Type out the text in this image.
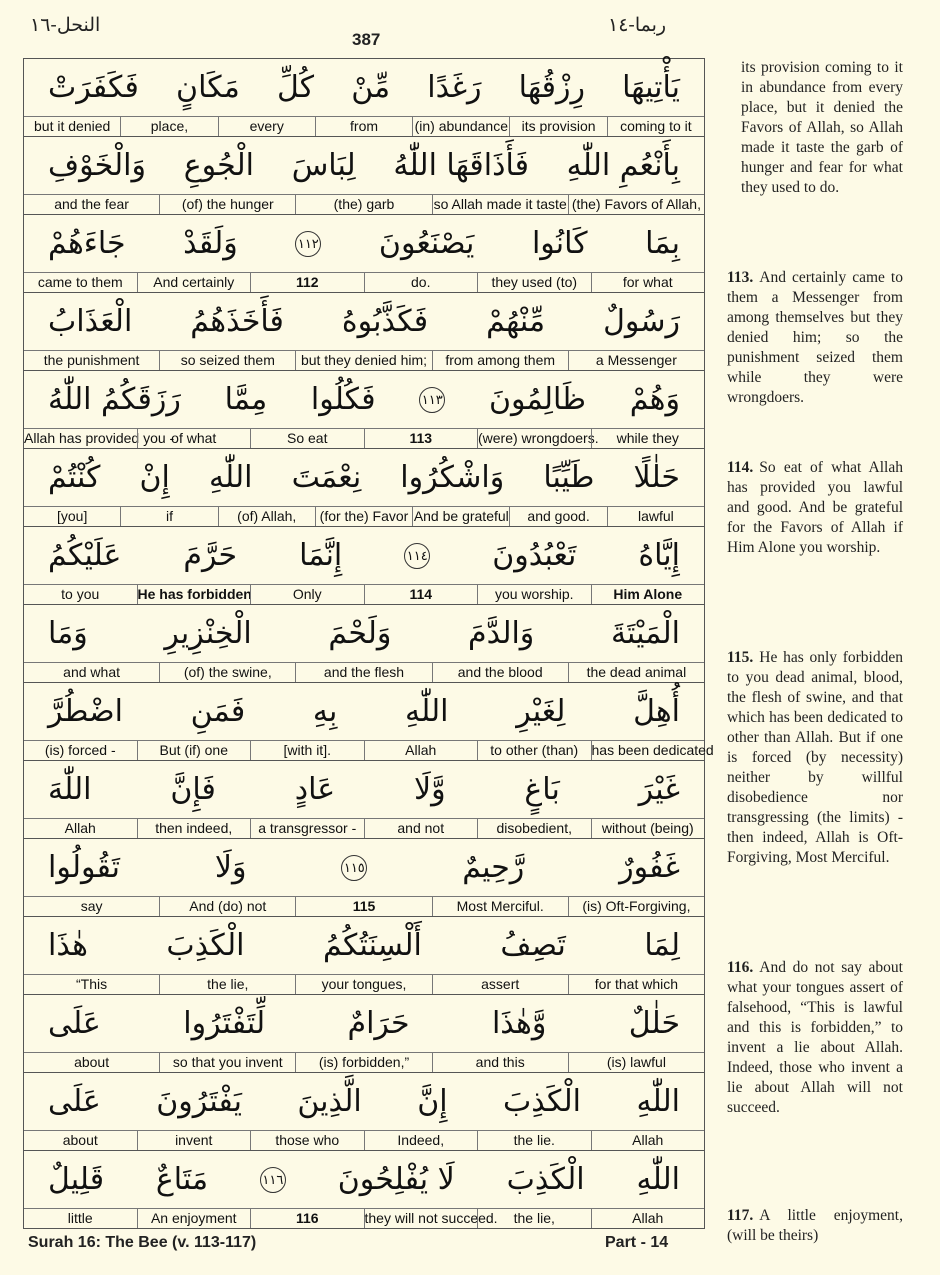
النحل-١٦
387
ربما-١٤
يَأْتِيهَا
رِزْقُهَا
رَغَدًا
مِّنْ
كُلِّ
مَكَانٍ
فَكَفَرَتْ
coming to it
its provision
(in) abundance
from
every
place,
but it denied
بِأَنْعُمِ اللّٰهِ
فَأَذَاقَهَا اللّٰهُ
لِبَاسَ
الْجُوعِ
وَالْخَوْفِ
(the) Favors of Allah,
so Allah made it taste
(the) garb
(of) the hunger
and the fear
بِمَا
كَانُوا
يَصْنَعُونَ
١١٢
وَلَقَدْ
جَاءَهُمْ
for what
they used (to)
do.
112
And certainly
came to them
رَسُولٌ
مِّنْهُمْ
فَكَذَّبُوهُ
فَأَخَذَهُمُ
الْعَذَابُ
a Messenger
from among them
but they denied him;
so seized them
the punishment
وَهُمْ
ظَالِمُونَ
١١٣
فَكُلُوا
مِمَّا
رَزَقَكُمُ اللّٰهُ
while they
(were) wrongdoers.
113
So eat
of what
Allah has provided you -
حَلٰلًا
طَيِّبًا
وَاشْكُرُوا
نِعْمَتَ
اللّٰهِ
إِنْ
كُنْتُمْ
lawful
and good.
And be grateful
(for the) Favor
(of) Allah,
if
[you]
إِيَّاهُ
تَعْبُدُونَ
١١٤
إِنَّمَا
حَرَّمَ
عَلَيْكُمُ
Him Alone
you worship.
114
Only
He has forbidden
to you
الْمَيْتَةَ
وَالدَّمَ
وَلَحْمَ
الْخِنْزِيرِ
وَمَا
the dead animal
and the blood
and the flesh
(of) the swine,
and what
أُهِلَّ
لِغَيْرِ
اللّٰهِ
بِهِ
فَمَنِ
اضْطُرَّ
has been dedicated
to other (than)
Allah
[with it].
But (if) one
(is) forced -
غَيْرَ
بَاغٍ
وَّلَا
عَادٍ
فَإِنَّ
اللّٰهَ
without (being)
disobedient,
and not
a transgressor -
then indeed,
Allah
غَفُورٌ
رَّحِيمٌ
١١٥
وَلَا
تَقُولُوا
(is) Oft-Forgiving,
Most Merciful.
115
And (do) not
say
لِمَا
تَصِفُ
أَلْسِنَتُكُمُ
الْكَذِبَ
هٰذَا
for that which
assert
your tongues,
the lie,
“This
حَلٰلٌ
وَّهٰذَا
حَرَامٌ
لِّتَفْتَرُوا
عَلَى
(is) lawful
and this
(is) forbidden,”
so that you invent
about
اللّٰهِ
الْكَذِبَ
إِنَّ
الَّذِينَ
يَفْتَرُونَ
عَلَى
Allah
the lie.
Indeed,
those who
invent
about
اللّٰهِ
الْكَذِبَ
لَا يُفْلِحُونَ
١١٦
مَتَاعٌ
قَلِيلٌ
Allah
the lie,
they will not succeed.
116
An enjoyment
little
its provision coming to it in abundance from every place, but it denied the Favors of Allah, so Allah made it taste the garb of hunger and fear for what they used to do.
113. And certainly came to them a Messenger from among themselves but they denied him; so the punishment seized them while they were wrongdoers.
114. So eat of what Allah has provided you lawful and good. And be grateful for the Favors of Allah if Him Alone you worship.
115. He has only forbidden to you dead animal, blood, the flesh of swine, and that which has been dedicated to other than Allah. But if one is forced (by necessity) neither by willful disobedience nor transgressing (the limits) - then indeed, Allah is Oft-Forgiving, Most Merciful.
116. And do not say about what your tongues assert of falsehood, “This is lawful and this is forbidden,” to invent a lie about Allah. Indeed, those who invent a lie about Allah will not succeed.
117. A little enjoyment, (will be theirs)
Surah 16: The Bee (v. 113-117)	Part - 14
